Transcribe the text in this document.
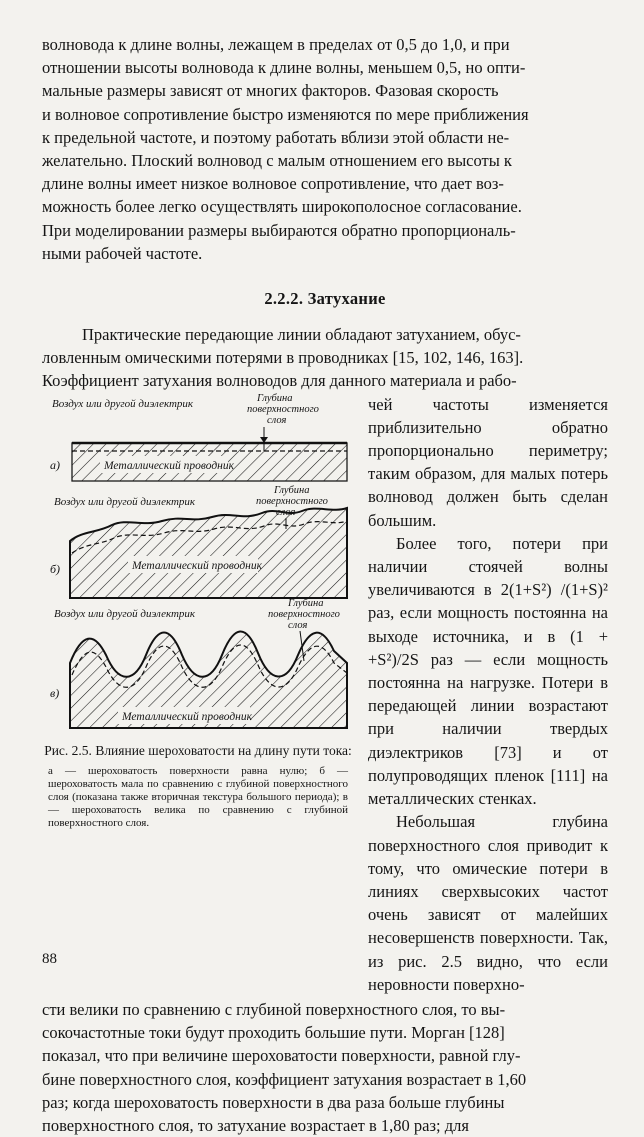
волновода к длине волны, лежащем в пределах от 0,5 до 1,0, и при

отношении высоты волновода к длине волны, меньшем 0,5, но опти-

мальные размеры зависят от многих факторов. Фазовая скорость

и волновое сопротивление быстро изменяются по мере приближения

к предельной частоте, и поэтому работать вблизи этой области не-

желательно. Плоский волновод с малым отношением его высоты к

длине волны имеет низкое волновое сопротивление, что дает воз-

можность более легко осуществлять широкополосное согласование.

При моделировании размеры выбираются обратно пропорциональ-

ными рабочей частоте.

2.2.2. Затухание

Практические передающие линии обладают затуханием, обус-

ловленным омическими потерями в проводниках [15, 102, 146, 163].

Коэффициент затухания волноводов для данного материала и рабо-

Воздух или другой диэлектрик	Глубина
поверхностного
слоя
Металлический проводник
а)
Воздух или другой диэлектрик
Глубина
поверхностного
Металлический проводник
б)
Воздух или другой диэлектрик
Глубина
поверхностного
слоя
Металлический проводник
в)

Рис. 2.5. Влияние шероховатости на длину пути тока:

а — шероховатость поверхности равна нулю; б — шероховатость мала по сравнению с глубиной поверхностного слоя (показана также вторичная текстура большого периода); в — шероховатость велика по сравнению с глубиной поверхностного слоя.

чей частоты изменяется приблизительно обратно пропорционально периметру; таким образом, для малых потерь волновод должен быть сделан большим.

Более того, потери при наличии стоячей волны увеличиваются в 2(1+S²) /(1+S)² раз, если мощность постоянна на выходе источника, и в (1 + +S²)/2S раз — если мощность постоянна на нагрузке. Потери в передающей линии возрастают при наличии твердых диэлектриков [73] и от полупроводящих пленок [111] на металлических стенках.

Небольшая глубина поверхностного слоя приводит к тому, что омические потери в линиях сверхвысоких частот очень зависят от малейших несовершенств поверхности. Так, из рис. 2.5 видно, что если неровности поверхно-

сти велики по сравнению с глубиной поверхностного слоя, то вы-

сокочастотные токи будут проходить большие пути. Морган [128]

показал, что при величине шероховатости поверхности, равной глу-

бине поверхностного слоя, коэффициент затухания возрастает в 1,60

раз; когда шероховатость поверхности в два раза больше глубины

поверхностного слоя, то затухание возрастает в 1,80 раз; для

88
